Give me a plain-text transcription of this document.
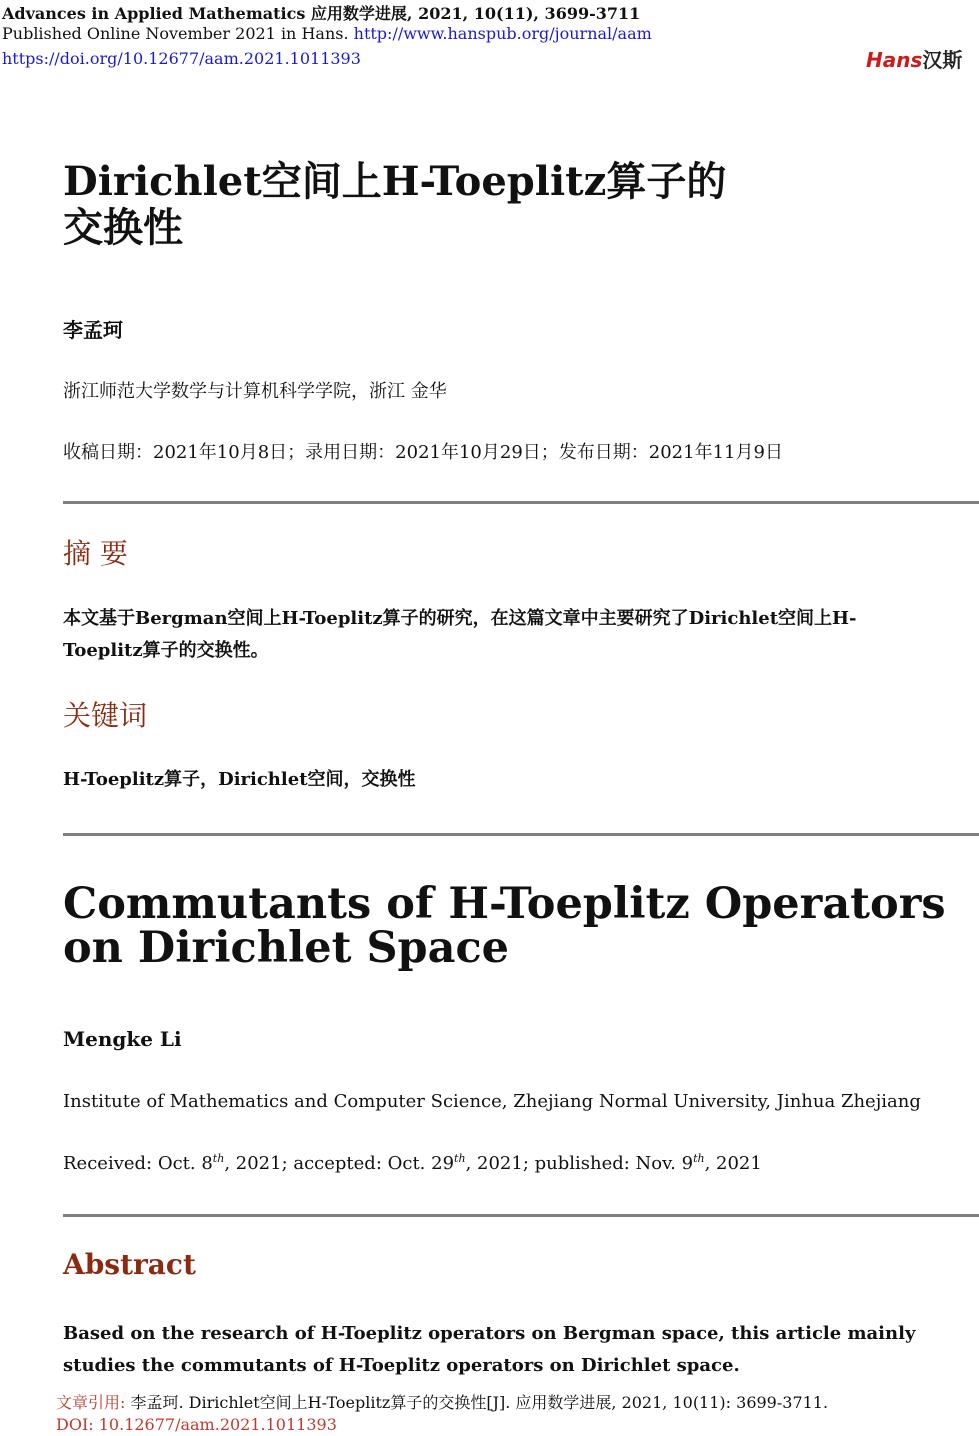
Advances in Applied Mathematics 应用数学进展, 2021, 10(11), 3699-3711
Published Online November 2021 in Hans. http://www.hanspub.org/journal/aam
https://doi.org/10.12677/aam.2021.1011393	Hans汉斯
Dirichlet空间上H-Toeplitz算子的
交换性
李孟珂
浙江师范大学数学与计算机科学学院，浙江 金华
收稿日期：2021年10月8日；录用日期：2021年10月29日；发布日期：2021年11月9日
摘 要
本文基于Bergman空间上H-Toeplitz算子的研究，在这篇文章中主要研究了Dirichlet空间上H-
Toeplitz算子的交换性。
关键词
H-Toeplitz算子，Dirichlet空间，交换性
Commutants of H-Toeplitz Operators
on Dirichlet Space
Mengke Li
Institute of Mathematics and Computer Science, Zhejiang Normal University, Jinhua Zhejiang
Received: Oct. 8th, 2021; accepted: Oct. 29th, 2021; published: Nov. 9th, 2021
Abstract
Based on the research of H-Toeplitz operators on Bergman space, this article mainly studies the commutants of H-Toeplitz operators on Dirichlet space.
文章引用: 李孟珂. Dirichlet空间上H-Toeplitz算子的交换性[J]. 应用数学进展, 2021, 10(11): 3699-3711.
DOI: 10.12677/aam.2021.1011393
